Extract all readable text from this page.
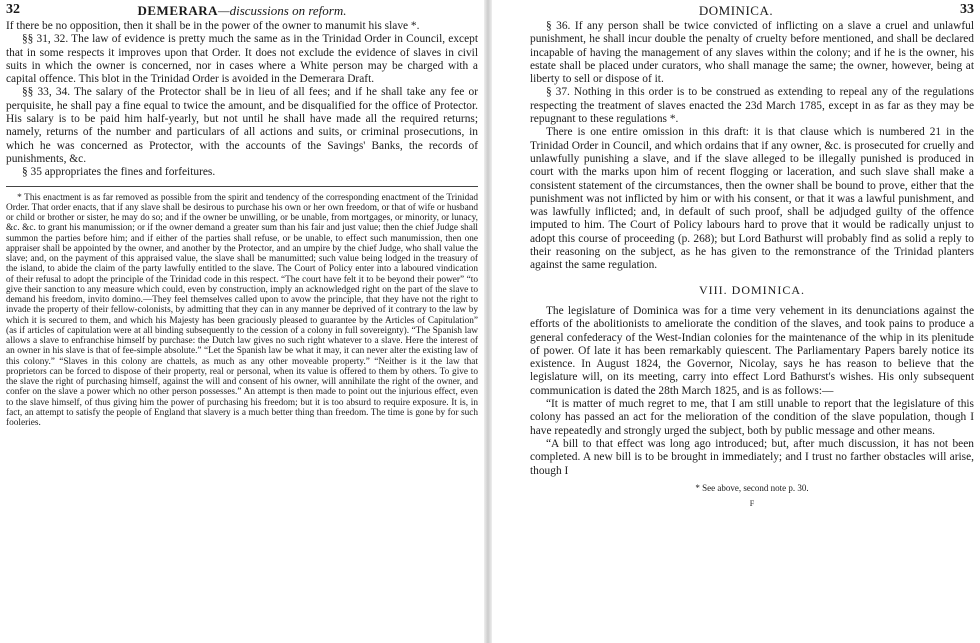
32	DEMERARA—discussions on reform.

If there be no opposition, then it shall be in the power of the owner to manumit his slave *.

§§ 31, 32. The law of evidence is pretty much the same as in the Trinidad Order in Council, except that in some respects it improves upon that Order. It does not exclude the evidence of slaves in civil suits in which the owner is concerned, nor in cases where a White person may be charged with a capital offence. This blot in the Trinidad Order is avoided in the Demerara Draft.

§§ 33, 34. The salary of the Protector shall be in lieu of all fees; and if he shall take any fee or perquisite, he shall pay a fine equal to twice the amount, and be disqualified for the office of Protector. His salary is to be paid him half-yearly, but not until he shall have made all the required returns; namely, returns of the number and particulars of all actions and suits, or criminal prosecutions, in which he was concerned as Protector, with the accounts of the Savings' Banks, the records of punishments, &c.

§ 35 appropriates the fines and forfeitures.

* This enactment is as far removed as possible from the spirit and tendency of the corresponding enactment of the Trinidad Order. That order enacts, that if any slave shall be desirous to purchase his own or her own freedom, or that of wife or husband or child or brother or sister, he may do so; and if the owner be unwilling, or be unable, from mortgages, or minority, or lunacy, &c. &c. to grant his manumission; or if the owner demand a greater sum than his fair and just value; then the chief Judge shall summon the parties before him; and if either of the parties shall refuse, or be unable, to effect such manumission, then one appraiser shall be appointed by the owner, and another by the Protector, and an umpire by the chief Judge, who shall value the slave; and, on the payment of this appraised value, the slave shall be manumitted; such value being lodged in the treasury of the island, to abide the claim of the party lawfully entitled to the slave. The Court of Policy enter into a laboured vindication of their refusal to adopt the principle of the Trinidad code in this respect. “The court have felt it to be beyond their power” “to give their sanction to any measure which could, even by construction, imply an acknowledged right on the part of the slave to demand his freedom, invito domino.—They feel themselves called upon to avow the principle, that they have not the right to invade the property of their fellow-colonists, by admitting that they can in any manner be deprived of it contrary to the law by which it is secured to them, and which his Majesty has been graciously pleased to guarantee by the Articles of Capitulation” (as if articles of capitulation were at all binding subsequently to the cession of a colony in full sovereignty). “The Spanish law allows a slave to enfranchise himself by purchase: the Dutch law gives no such right whatever to a slave. Here the interest of an owner in his slave is that of fee-simple absolute.” “Let the Spanish law be what it may, it can never alter the existing law of this colony.” “Slaves in this colony are chattels, as much as any other moveable property.” “Neither is it the law that proprietors can be forced to dispose of their property, real or personal, when its value is offered to them by others. To give to the slave the right of purchasing himself, against the will and consent of his owner, will annihilate the right of the owner, and confer on the slave a power which no other person possesses.” An attempt is then made to point out the injurious effect, even to the slave himself, of thus giving him the power of purchasing his freedom; but it is too absurd to require exposure. It is, in fact, an attempt to satisfy the people of England that slavery is a much better thing than freedom. The time is gone by for such fooleries.

DOMINICA.	33

§ 36. If any person shall be twice convicted of inflicting on a slave a cruel and unlawful punishment, he shall incur double the penalty of cruelty before mentioned, and shall be declared incapable of having the management of any slaves within the colony; and if he is the owner, his estate shall be placed under curators, who shall manage the same; the owner, however, being at liberty to sell or dispose of it.

§ 37. Nothing in this order is to be construed as extending to repeal any of the regulations respecting the treatment of slaves enacted the 23d March 1785, except in as far as they may be repugnant to these regulations *.

There is one entire omission in this draft: it is that clause which is numbered 21 in the Trinidad Order in Council, and which ordains that if any owner, &c. is prosecuted for cruelly and unlawfully punishing a slave, and if the slave alleged to be illegally punished is produced in court with the marks upon him of recent flogging or laceration, and such slave shall make a consistent statement of the circumstances, then the owner shall be bound to prove, either that the punishment was not inflicted by him or with his consent, or that it was a lawful punishment, and was lawfully inflicted; and, in default of such proof, shall be adjudged guilty of the offence imputed to him. The Court of Policy labours hard to prove that it would be radically unjust to adopt this course of proceeding (p. 268); but Lord Bathurst will probably find as solid a reply to their reasoning on the subject, as he has given to the remonstrance of the Trinidad planters against the same regulation.

VIII. DOMINICA.

The legislature of Dominica was for a time very vehement in its denunciations against the efforts of the abolitionists to ameliorate the condition of the slaves, and took pains to produce a general confederacy of the West-Indian colonies for the maintenance of the whip in its plenitude of power. Of late it has been remarkably quiescent. The Parliamentary Papers barely notice its existence. In August 1824, the Governor, Nicolay, says he has reason to believe that the legislature will, on its meeting, carry into effect Lord Bathurst's wishes. His only subsequent communication is dated the 28th March 1825, and is as follows:—

“It is matter of much regret to me, that I am still unable to report that the legislature of this colony has passed an act for the melioration of the condition of the slave population, though I have repeatedly and strongly urged the subject, both by public message and other means.

“A bill to that effect was long ago introduced; but, after much discussion, it has not been completed. A new bill is to be brought in immediately; and I trust no farther obstacles will arise, though I

* See above, second note p. 30.
F
